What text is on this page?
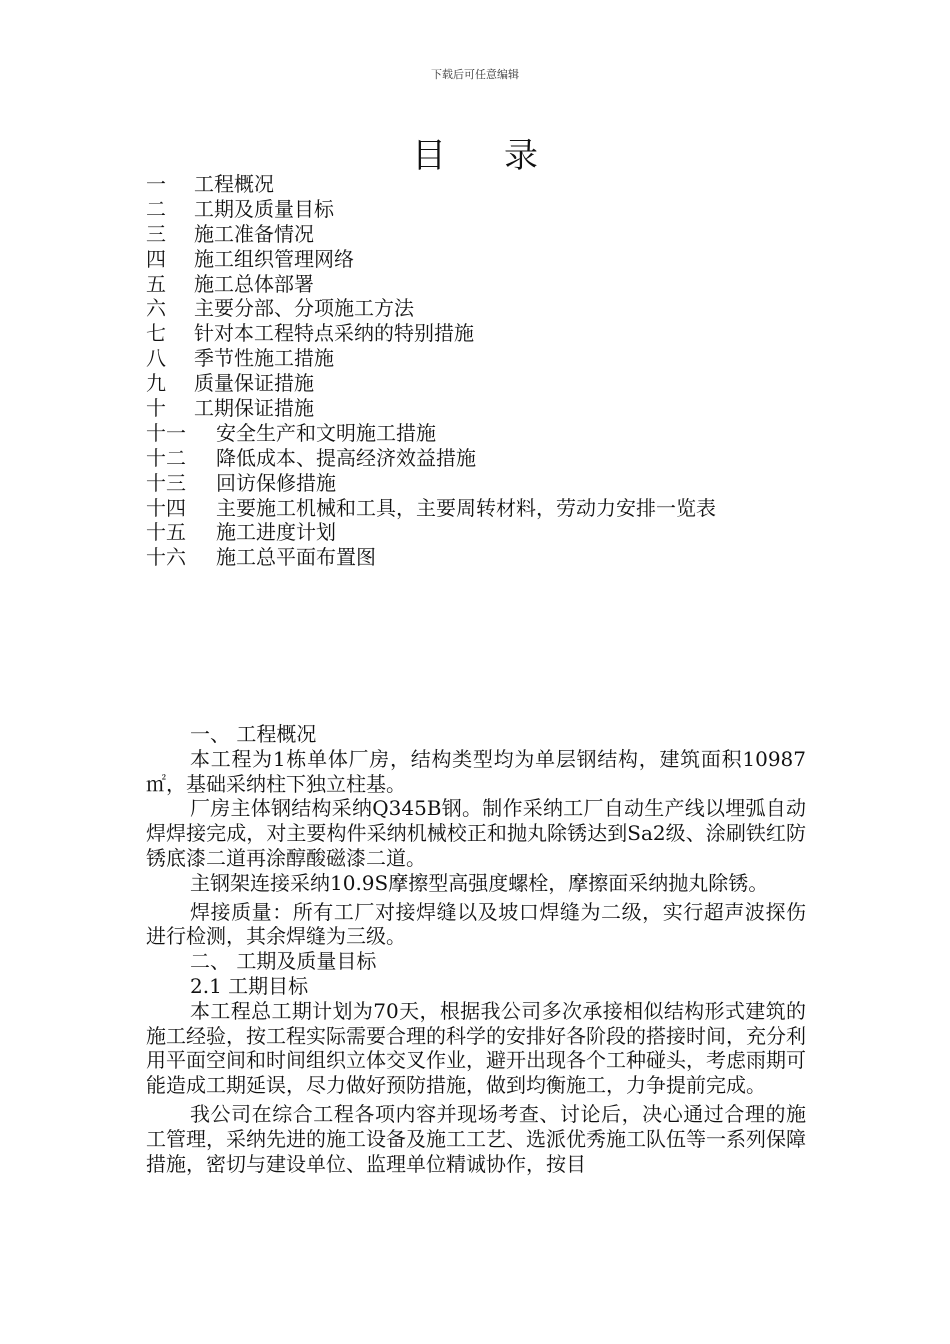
下载后可任意编辑
目录
一 工程概况
二 工期及质量目标
三 施工准备情况
四 施工组织管理网络
五 施工总体部署
六 主要分部、分项施工方法
七 针对本工程特点采纳的特别措施
八 季节性施工措施
九 质量保证措施
十 工期保证措施
十一 安全生产和文明施工措施
十二 降低成本、提高经济效益措施
十三 回访保修措施
十四 主要施工机械和工具，主要周转材料，劳动力安排一览表
十五 施工进度计划
十六 施工总平面布置图

一、 工程概况

本工程为1栋单体厂房，结构类型均为单层钢结构，建筑面积10987㎡，基础采纳柱下独立柱基。

厂房主体钢结构采纳Q345B钢。制作采纳工厂自动生产线以埋弧自动焊焊接完成，对主要构件采纳机械校正和抛丸除锈达到Sa2级、涂刷铁红防锈底漆二道再涂醇酸磁漆二道。

主钢架连接采纳10.9S摩擦型高强度螺栓，摩擦面采纳抛丸除锈。

焊接质量：所有工厂对接焊缝以及坡口焊缝为二级，实行超声波探伤进行检测，其余焊缝为三级。

二、 工期及质量目标

2.1 工期目标

本工程总工期计划为70天，根据我公司多次承接相似结构形式建筑的施工经验，按工程实际需要合理的科学的安排好各阶段的搭接时间，充分利用平面空间和时间组织立体交叉作业，避开出现各个工种碰头，考虑雨期可能造成工期延误，尽力做好预防措施，做到均衡施工，力争提前完成。

我公司在综合工程各项内容并现场考查、讨论后，决心通过合理的施工管理，采纳先进的施工设备及施工工艺、选派优秀施工队伍等一系列保障措施，密切与建设单位、监理单位精诚协作，按目
